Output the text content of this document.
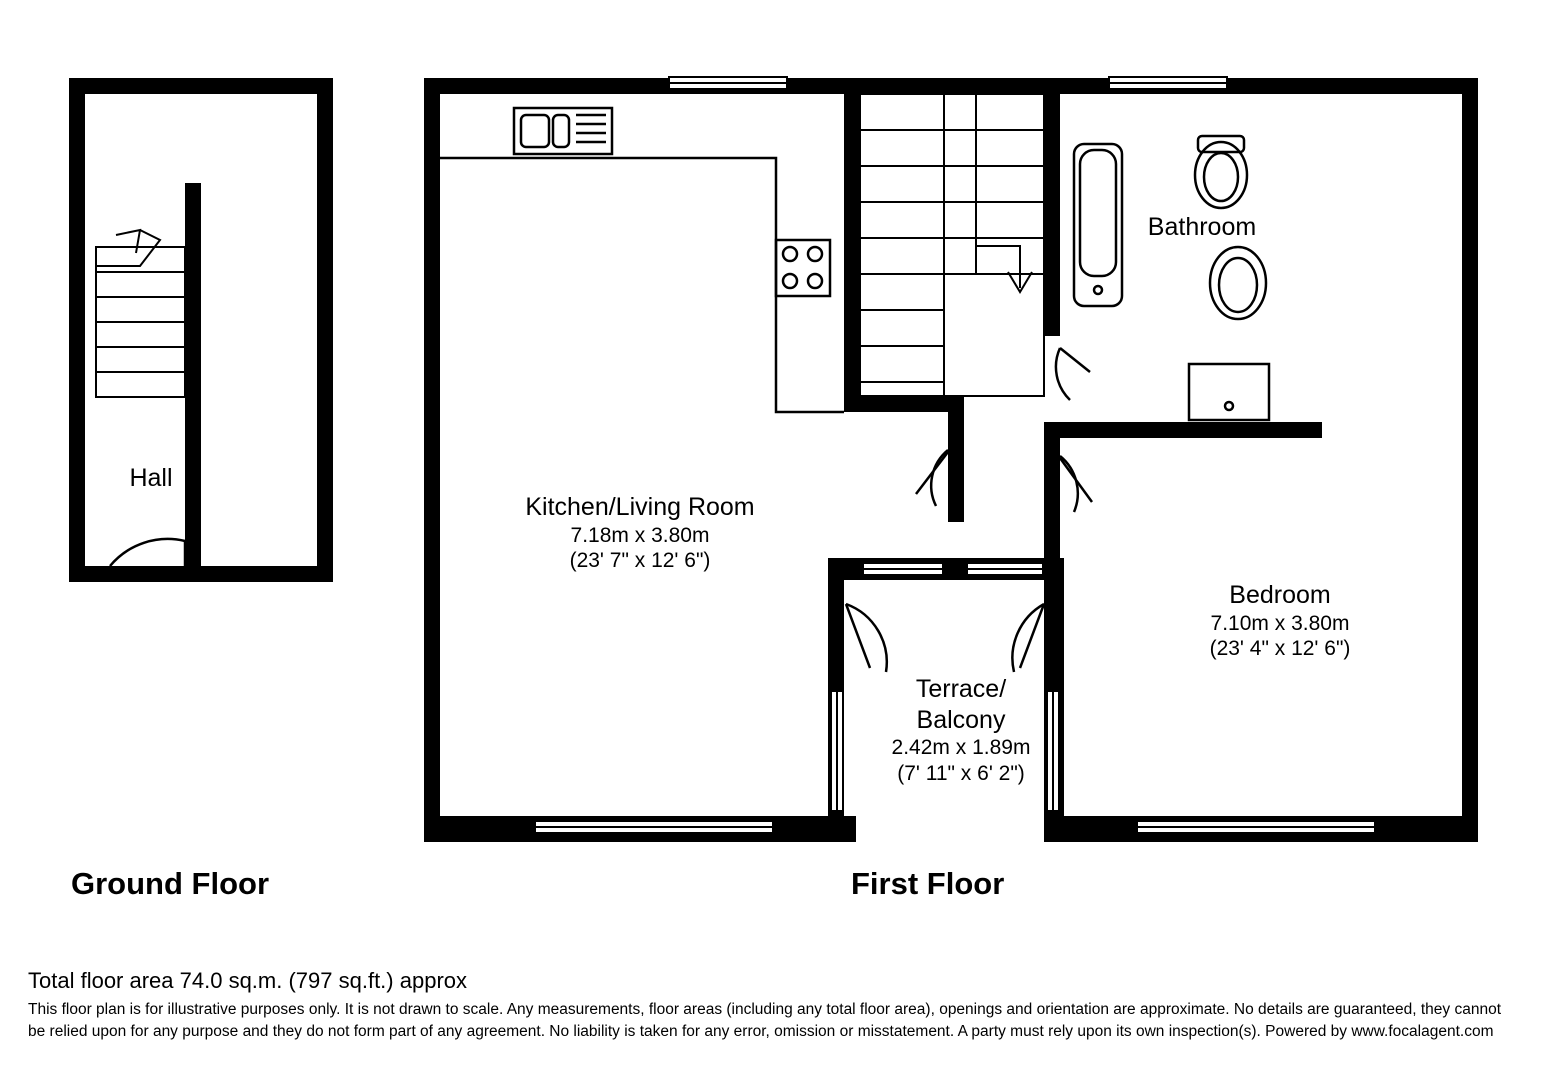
Hall
Ground Floor
Kitchen/Living Room
7.18m x 3.80m
(23' 7" x 12' 6")
Bathroom
Bedroom
7.10m x 3.80m
(23' 4" x 12' 6")
Terrace/
Balcony
2.42m x 1.89m
(7' 11" x 6' 2")
First Floor
Total floor area 74.0 sq.m. (797 sq.ft.) approx
This floor plan is for illustrative purposes only. It is not drawn to scale. Any measurements, floor areas (including any total floor area), openings and orientation are approximate. No details are guaranteed, they cannot be relied upon for any purpose and they do not form part of any agreement. No liability is taken for any error, omission or misstatement. A party must rely upon its own inspection(s). Powered by www.focalagent.com
